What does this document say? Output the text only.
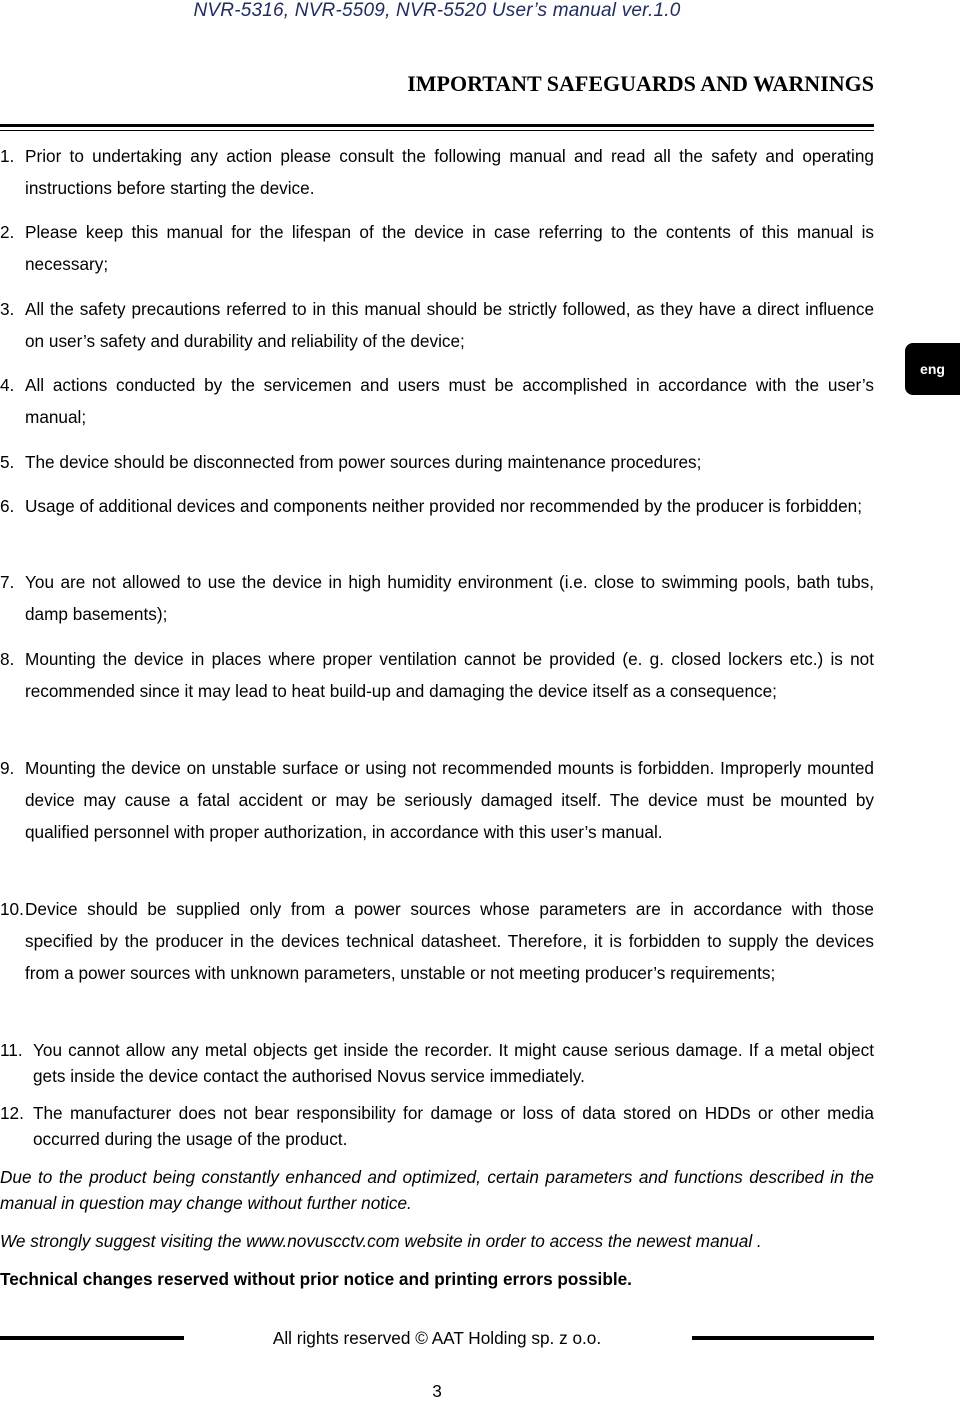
NVR-5316, NVR-5509, NVR-5520 User’s manual ver.1.0
IMPORTANT SAFEGUARDS AND WARNINGS
eng
1. Prior to undertaking any action please consult the following manual and read all the safety and operating instructions before starting the device.
2. Please keep this manual for the lifespan of the device in case referring to the contents of this manual is necessary;
3. All the safety precautions referred to in this manual should be strictly followed, as they have a direct influence on user’s safety and durability and reliability of the device;
4. All actions conducted by the servicemen and users must be accomplished in accordance with the user’s manual;
5. The device should be disconnected from power sources during maintenance procedures;
6. Usage of additional devices and components neither provided nor recommended by the producer is forbidden;
7. You are not allowed to use the device in high humidity environment (i.e. close to swimming pools, bath tubs, damp basements);
8. Mounting the device in places where proper ventilation cannot be provided (e. g. closed lockers etc.) is not recommended since it may lead to heat build-up and damaging the device itself as a consequence;
9. Mounting the device on unstable surface or using not recommended mounts is forbidden. Improperly mounted device may cause a fatal accident or may be seriously damaged itself. The device must be mounted by qualified personnel with proper authorization, in accordance with this user’s manual.
10.Device should be supplied only from a power sources whose parameters are in accordance with those specified by the producer in the devices technical datasheet. Therefore, it is forbidden to supply the devices from a power sources with unknown parameters, unstable or not meeting producer’s requirements;
11. You cannot allow any metal objects get inside the recorder. It might cause serious damage. If a metal object gets inside the device contact the authorised Novus service immediately.
12. The manufacturer does not bear responsibility for damage or loss of data stored on HDDs or other media occurred during the usage of the product.
Due to the product being constantly enhanced and optimized, certain parameters and functions described in the manual in question may change without further notice.
We strongly suggest visiting the www.novuscctv.com website in order to access the newest manual .
Technical changes reserved without prior notice and printing errors possible.
All rights reserved © AAT Holding sp. z o.o.
3
